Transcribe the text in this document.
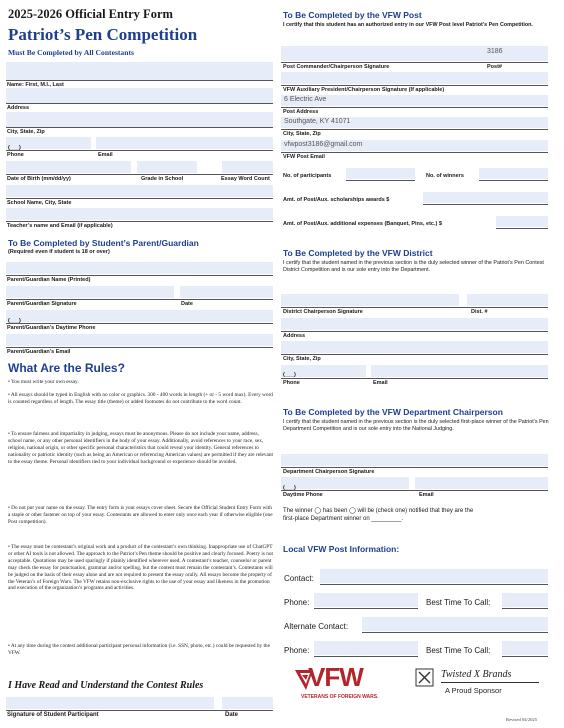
2025-2026 Official Entry Form
Patriot’s Pen Competition
Must Be Completed by All Contestants
Name: First, M.I., Last
Address
City, State, Zip
(___)
Phone	Email
Date of Birth (mm/dd/yy)	Grade in School	Essay Word Count
School Name, City, State
Teacher’s name and Email (if applicable)
To Be Completed by Student’s Parent/Guardian
(Required even if student is 18 or over)
Parent/Guardian Name (Printed)
Parent/Guardian Signature	Date
(___)
Parent/Guardian’s Daytime Phone
Parent/Guardian’s Email
What Are the Rules?
• You must write your own essay.
• All essays should be typed in English with no color or graphics. 300 - 400 words in length (+ or - 5 word max). Every word is counted regardless of length. The essay title (theme) or added footnotes do not contribute to the word count.
• To ensure fairness and impartiality in judging, essays must be anonymous. Please do not include your name, address, school name, or any other personal identifiers in the body of your essay. Additionally, avoid references to your race, sex, religion, national origin, or other specific personal characteristics that could reveal your identity. General references to nationality or patriotic identity (such as being an American or referencing American values) are permitted if they are relevant to the essay theme. Personal identifiers tied to your individual background or experience should be avoided.
• Do not put your name on the essay. The entry form is your essays cover sheet. Secure the Official Student Entry Form with a staple or other fastener on top of your essay. Contestants are allowed to enter only once each year if otherwise eligible (one Post competition).
• The essay must be contestant’s original work and a product of the contestant’s own thinking. Inappropriate use of ChatGPT or other AI tools is not allowed. The approach to the Patriot’s Pen theme should be positive and clearly focused. Poetry is not acceptable. Quotations may be used sparingly if plainly identified wherever used. A contestant’s teacher, counselor or parent may check the essay for punctuation, grammar and/or spelling, but the content must remain the contestant’s. Contestants will be judged on the basis of their essay alone and are not required to present the essay orally. All essays become the property of the Veteran’s of Foreign Wars. The VFW retains non-exclusive rights to the use of your essay and likeness in the promotion and execution of the organization’s programs and activities.
• At any time during the contest additional participant personal information (i.e. SSN, photo, etc.) could be requested by the VFW.
I Have Read and Understand the Contest Rules
Signature of Student Participant	Date
To Be Completed by the VFW Post
I certify that this student has an authorized entry in our VFW Post level Patriot’s Pen Competition.
3186
Post Commander/Chairperson Signature	Post#
VFW Auxiliary President/Chairperson Signature (If applicable)
6 Electric Ave
Post Address
Southgate, KY 41071
City, State, Zip
vfwpost3186@gmail.com
VFW Post Email
No. of participants	No. of winners
Amt. of Post/Aux. scholarships awards $
Amt. of Post/Aux. additional expenses (Banquet, Pins, etc.) $
To Be Completed by the VFW District
I certify that the student named in the previous section is the duly selected winner of the Patriot’s Pen Contest District Competition and is our sole entry into the Department.
District Chairperson Signature	Dist. #
Address
City, State, Zip
(___)
Phone	Email
To Be Completed by the VFW Department Chairperson
I certify that the student named in the previous section is the duly selected first-place winner of the Patriot’s Pen Department Competition and is our sole entry into the National Judging.
Department Chairperson Signature
(___)
Daytime Phone	Email
The winner ◯ has been ◯ will be (check one) notified that they are the
first-place Department winner on _________.
Local VFW Post Information:
Contact:
Phone:	Best Time To Call:
Alternate Contact:
Phone:	Best Time To Call:
VFW
VETERANS OF FOREIGN WARS.
Twisted X Brands
A Proud Sponsor
Revised 04/2025
